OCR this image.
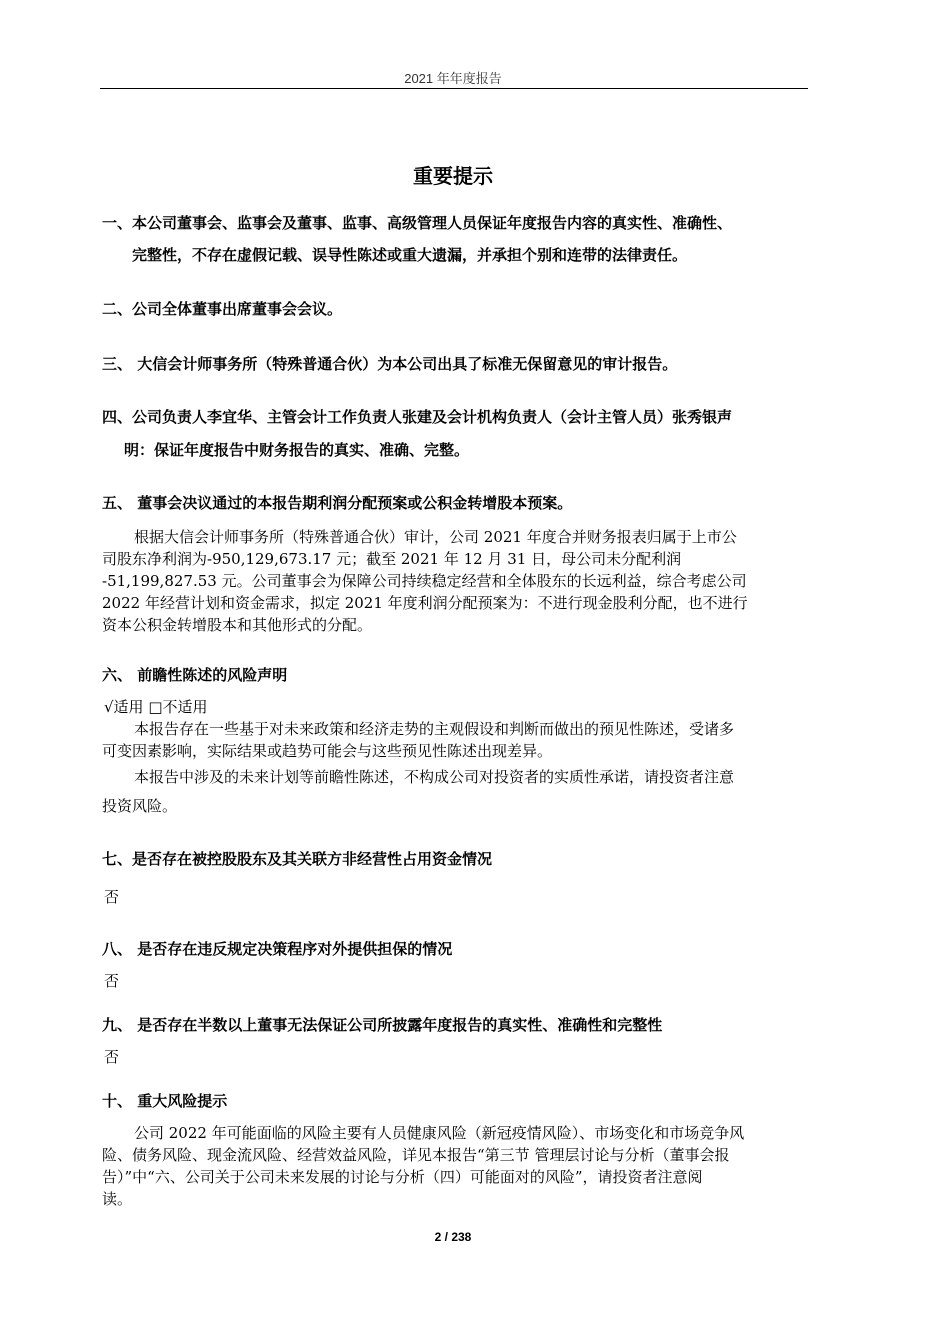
2021 年年度报告
重要提示
一、本公司董事会、监事会及董事、监事、高级管理人员保证年度报告内容的真实性、准确性、
完整性，不存在虚假记载、误导性陈述或重大遗漏，并承担个别和连带的法律责任。
二、公司全体董事出席董事会会议。
三、 大信会计师事务所（特殊普通合伙）为本公司出具了标准无保留意见的审计报告。
四、公司负责人李宜华、主管会计工作负责人张建及会计机构负责人（会计主管人员）张秀银声
明：保证年度报告中财务报告的真实、准确、完整。
五、 董事会决议通过的本报告期利润分配预案或公积金转增股本预案。
根据大信会计师事务所（特殊普通合伙）审计，公司 2021 年度合并财务报表归属于上市公
司股东净利润为-950,129,673.17 元；截至 2021 年 12 月 31 日，母公司未分配利润
-51,199,827.53 元。公司董事会为保障公司持续稳定经营和全体股东的长远利益，综合考虑公司
2022 年经营计划和资金需求，拟定 2021 年度利润分配预案为：不进行现金股利分配，也不进行
资本公积金转增股本和其他形式的分配。
六、 前瞻性陈述的风险声明
√适用 □不适用
本报告存在一些基于对未来政策和经济走势的主观假设和判断而做出的预见性陈述，受诸多
可变因素影响，实际结果或趋势可能会与这些预见性陈述出现差异。
本报告中涉及的未来计划等前瞻性陈述，不构成公司对投资者的实质性承诺，请投资者注意
投资风险。
七、是否存在被控股股东及其关联方非经营性占用资金情况
否
八、 是否存在违反规定决策程序对外提供担保的情况
否
九、 是否存在半数以上董事无法保证公司所披露年度报告的真实性、准确性和完整性
否
十、 重大风险提示
公司 2022 年可能面临的风险主要有人员健康风险（新冠疫情风险）、市场变化和市场竞争风
险、债务风险、现金流风险、经营效益风险，详见本报告“第三节 管理层讨论与分析（董事会报
告）”中“六、公司关于公司未来发展的讨论与分析（四）可能面对的风险”，请投资者注意阅
读。
2 / 238
